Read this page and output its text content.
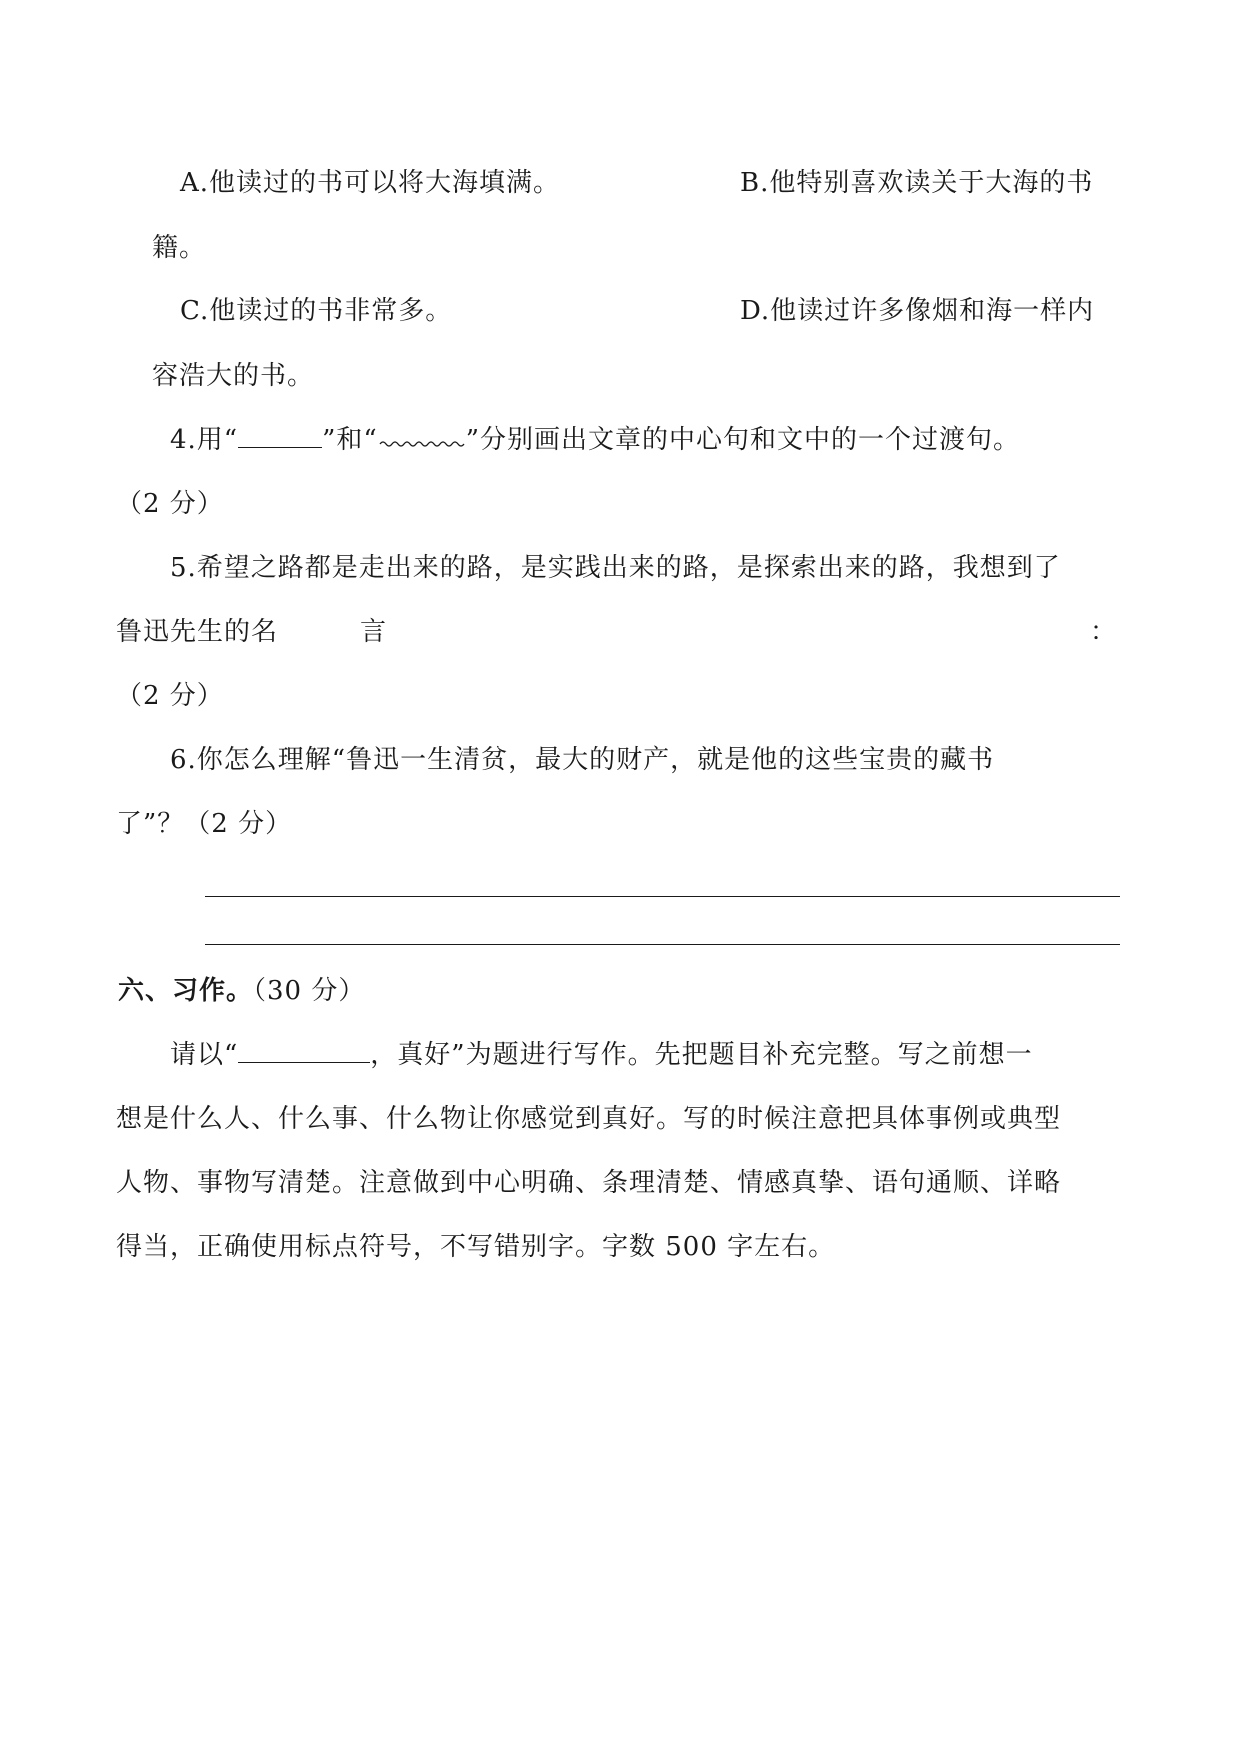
A.他读过的书可以将大海填满。	B.他特别喜欢读关于大海的书
籍。
C.他读过的书非常多。	D.他读过许多像烟和海一样内
容浩大的书。
4.用“	”和“	”分别画出文章的中心句和文中的一个过渡句。
（2 分）
5.希望之路都是走出来的路，是实践出来的路，是探索出来的路，我想到了
鲁迅先生的名	言	：
（2 分）
6.你怎么理解“鲁迅一生清贫，最大的财产，就是他的这些宝贵的藏书
了”？（2 分）
六、习作。（30 分）
请以“	，真好”为题进行写作。先把题目补充完整。写之前想一
想是什么人、什么事、什么物让你感觉到真好。写的时候注意把具体事例或典型
人物、事物写清楚。注意做到中心明确、条理清楚、情感真挚、语句通顺、详略
得当，正确使用标点符号，不写错别字。字数 500 字左右。
